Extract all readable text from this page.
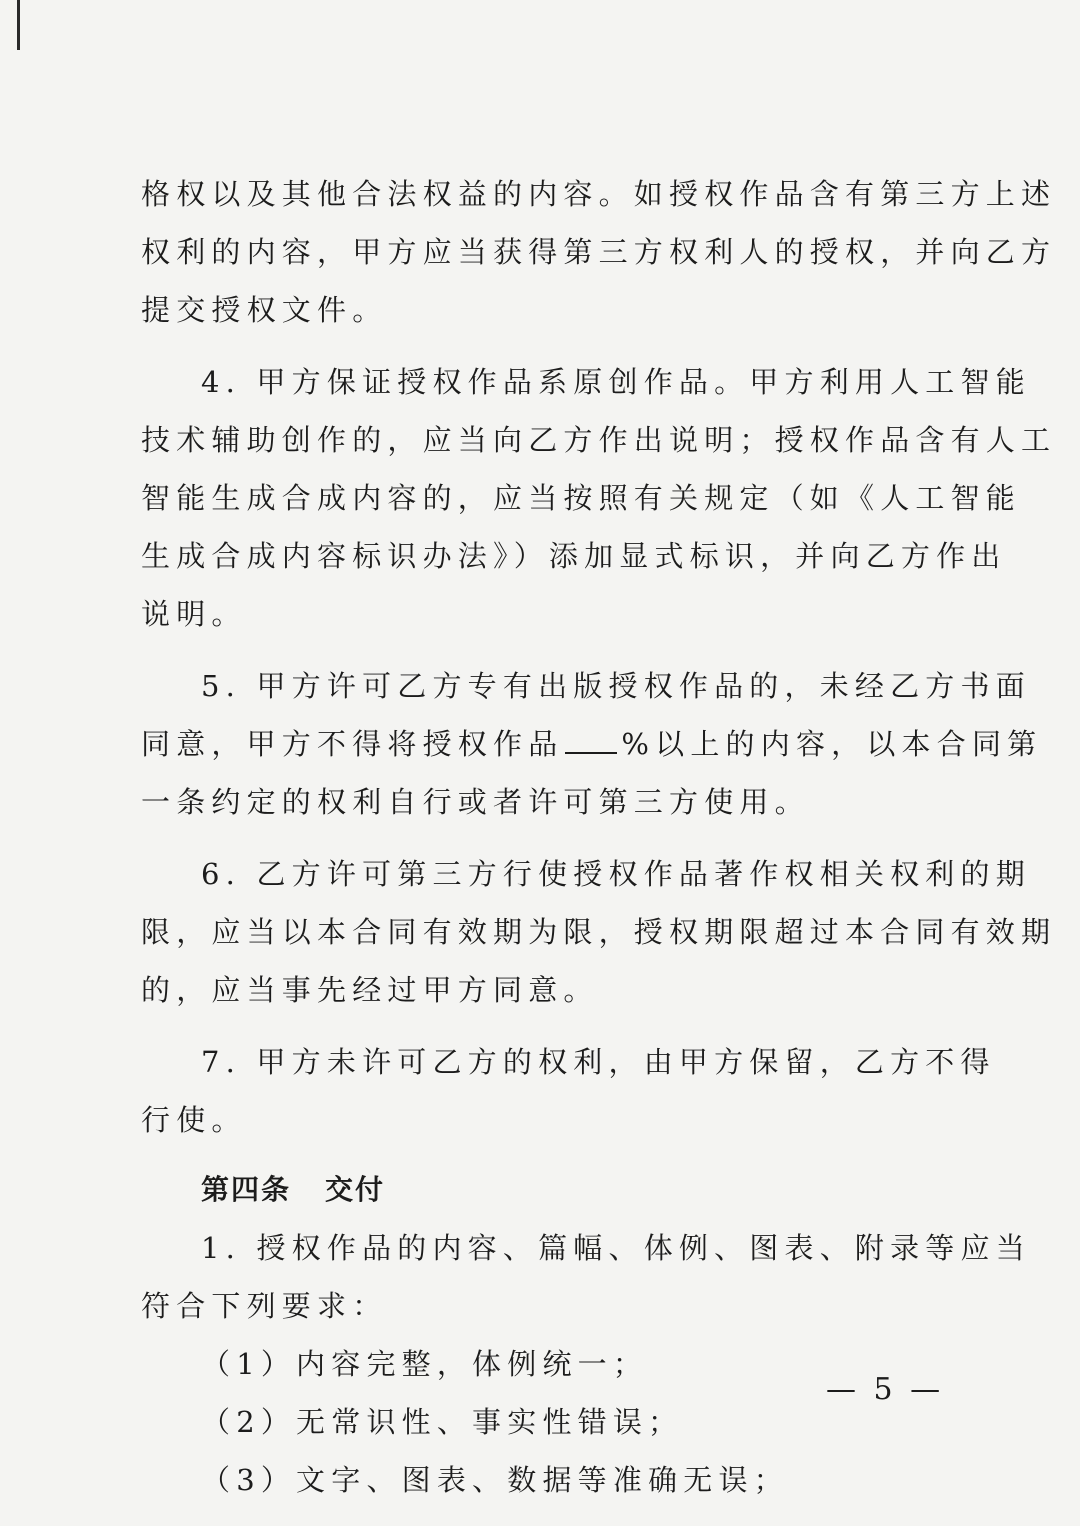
格权以及其他合法权益的内容。如授权作品含有第三方上述
权利的内容，甲方应当获得第三方权利人的授权，并向乙方
提交授权文件。
4. 甲方保证授权作品系原创作品。甲方利用人工智能
技术辅助创作的，应当向乙方作出说明；授权作品含有人工
智能生成合成内容的，应当按照有关规定（如《人工智能
生成合成内容标识办法》）添加显式标识，并向乙方作出
说明。
5. 甲方许可乙方专有出版授权作品的，未经乙方书面
同意，甲方不得将授权作品 %以上的内容，以本合同第
一条约定的权利自行或者许可第三方使用。
6. 乙方许可第三方行使授权作品著作权相关权利的期
限，应当以本合同有效期为限，授权期限超过本合同有效期
的，应当事先经过甲方同意。
7. 甲方未许可乙方的权利，由甲方保留，乙方不得
行使。
第四条 交付
1. 授权作品的内容、篇幅、体例、图表、附录等应当
符合下列要求：
（1）内容完整，体例统一；
（2）无常识性、事实性错误；
（3）文字、图表、数据等准确无误；
— 5 —
